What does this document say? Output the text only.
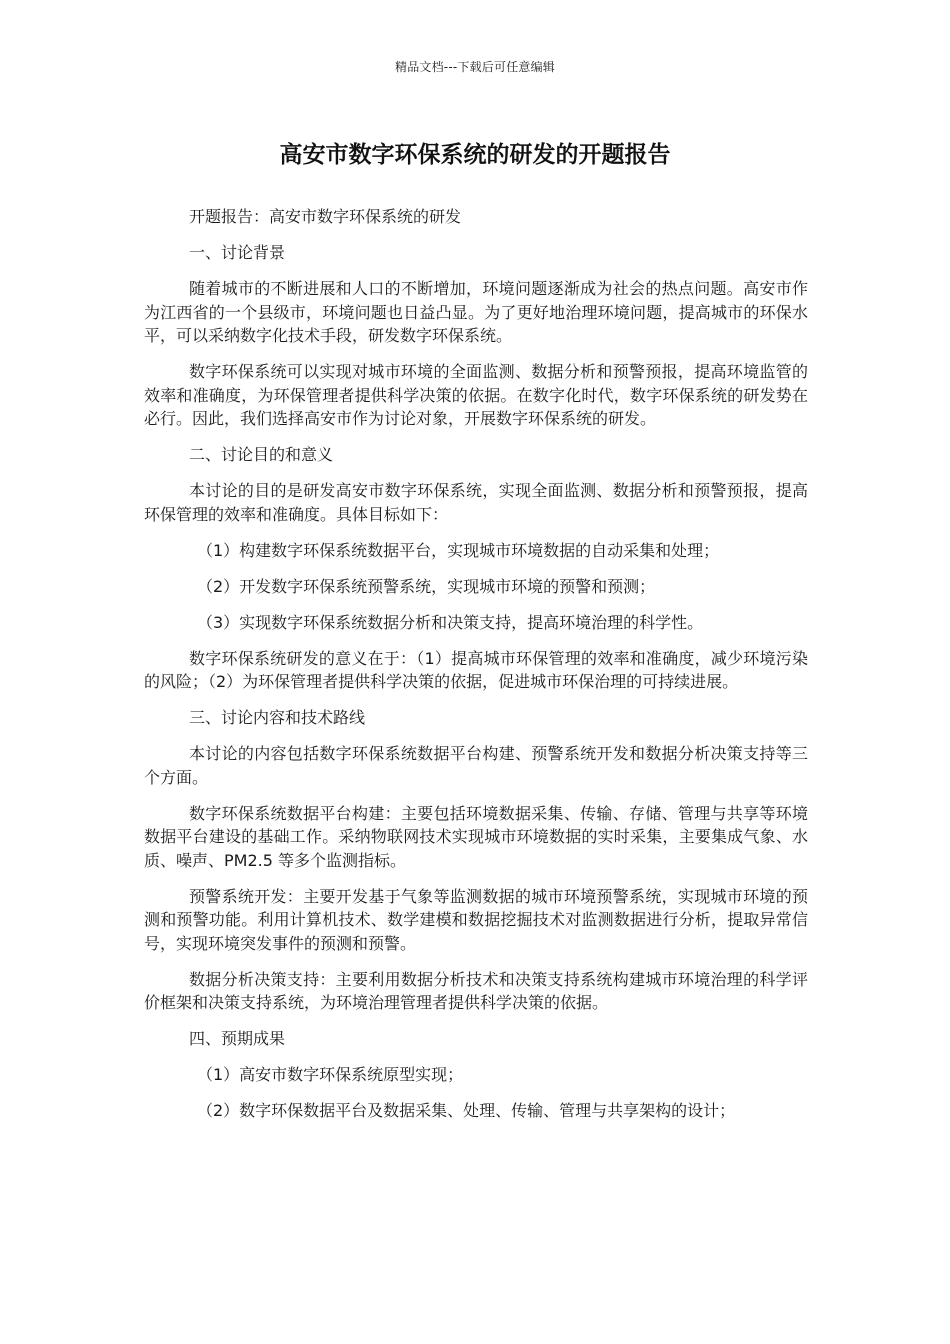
精品文档---下载后可任意编辑
高安市数字环保系统的研发的开题报告

开题报告：高安市数字环保系统的研发

一、讨论背景

随着城市的不断进展和人口的不断增加，环境问题逐渐成为社会的热点问题。高安市作为江西省的一个县级市，环境问题也日益凸显。为了更好地治理环境问题，提高城市的环保水平，可以采纳数字化技术手段，研发数字环保系统。

数字环保系统可以实现对城市环境的全面监测、数据分析和预警预报，提高环境监管的效率和准确度，为环保管理者提供科学决策的依据。在数字化时代，数字环保系统的研发势在必行。因此，我们选择高安市作为讨论对象，开展数字环保系统的研发。

二、讨论目的和意义

本讨论的目的是研发高安市数字环保系统，实现全面监测、数据分析和预警预报，提高环保管理的效率和准确度。具体目标如下：

（1）构建数字环保系统数据平台，实现城市环境数据的自动采集和处理；

（2）开发数字环保系统预警系统，实现城市环境的预警和预测；

（3）实现数字环保系统数据分析和决策支持，提高环境治理的科学性。

数字环保系统研发的意义在于：（1）提高城市环保管理的效率和准确度，减少环境污染的风险；（2）为环保管理者提供科学决策的依据，促进城市环保治理的可持续进展。

三、讨论内容和技术路线

本讨论的内容包括数字环保系统数据平台构建、预警系统开发和数据分析决策支持等三个方面。

数字环保系统数据平台构建：主要包括环境数据采集、传输、存储、管理与共享等环境数据平台建设的基础工作。采纳物联网技术实现城市环境数据的实时采集，主要集成气象、水质、噪声、PM2.5 等多个监测指标。

预警系统开发：主要开发基于气象等监测数据的城市环境预警系统，实现城市环境的预测和预警功能。利用计算机技术、数学建模和数据挖掘技术对监测数据进行分析，提取异常信号，实现环境突发事件的预测和预警。

数据分析决策支持：主要利用数据分析技术和决策支持系统构建城市环境治理的科学评价框架和决策支持系统，为环境治理管理者提供科学决策的依据。

四、预期成果

（1）高安市数字环保系统原型实现；

（2）数字环保数据平台及数据采集、处理、传输、管理与共享架构的设计；
